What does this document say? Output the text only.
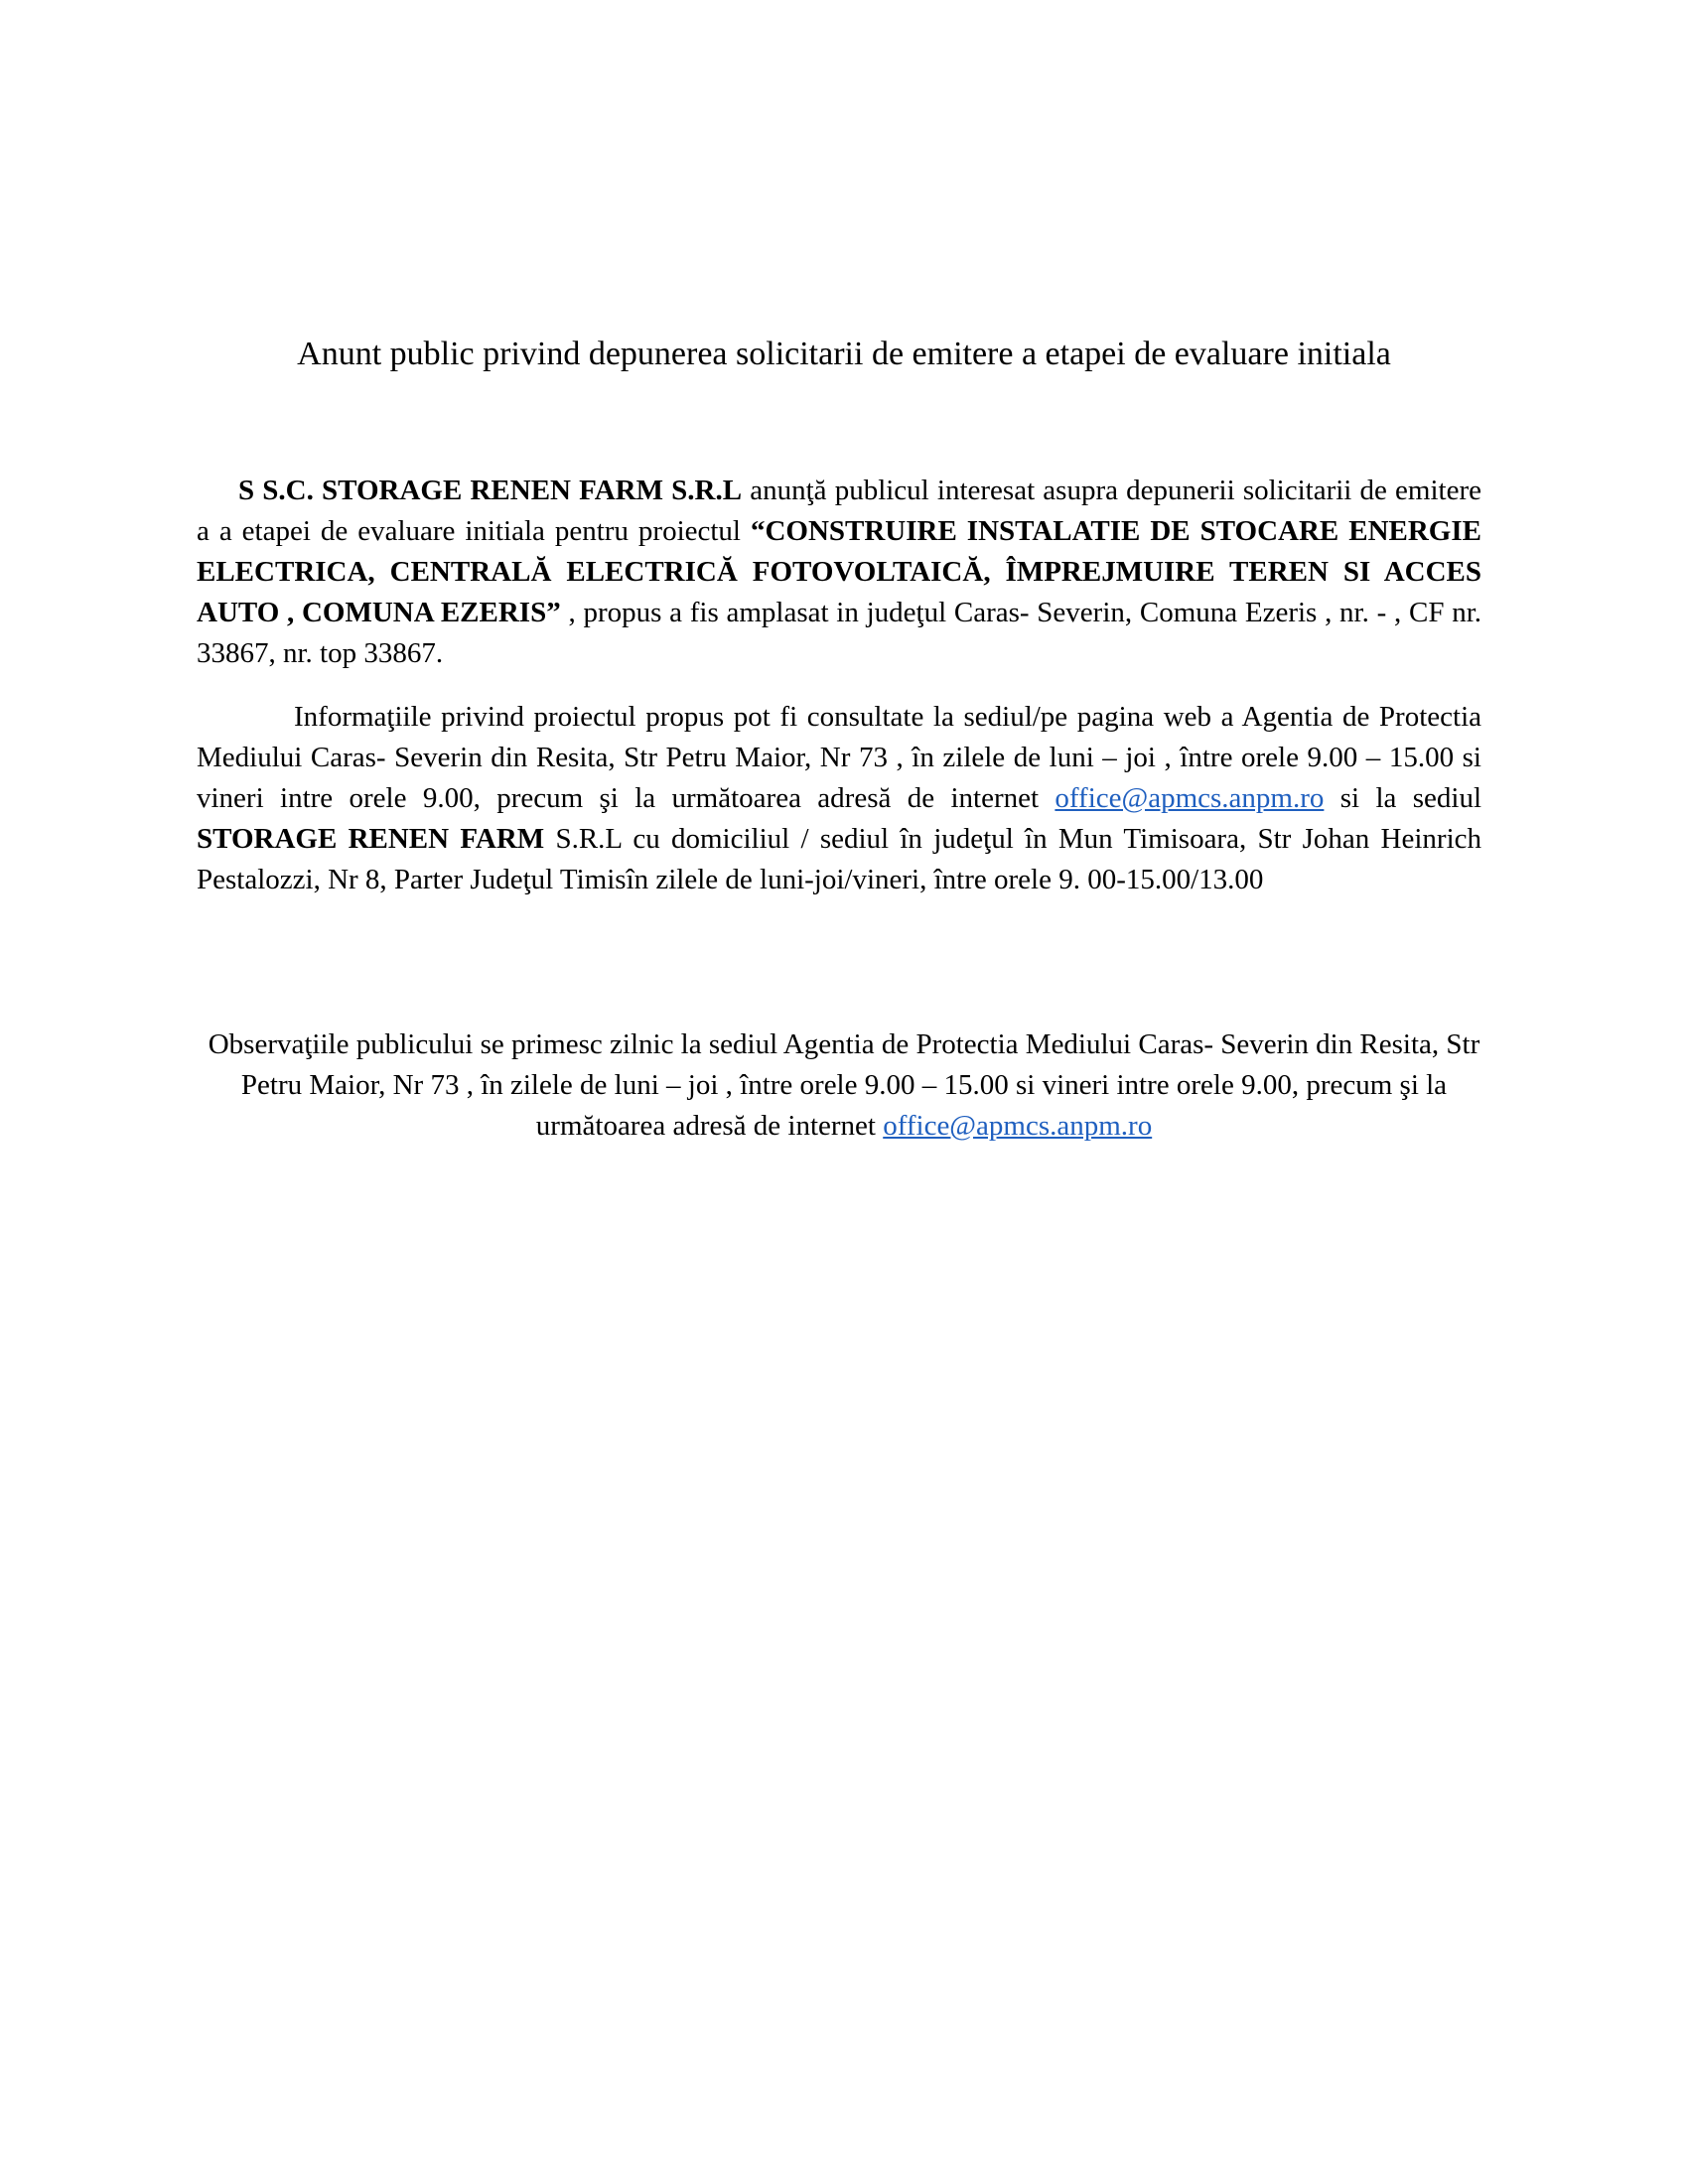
Anunt public privind depunerea solicitarii de emitere a etapei de evaluare initiala

S S.C. STORAGE RENEN FARM S.R.L anunţă publicul interesat asupra depunerii solicitarii de emitere a a etapei de evaluare initiala pentru proiectul “CONSTRUIRE INSTALATIE DE STOCARE ENERGIE ELECTRICA, CENTRALĂ ELECTRICĂ FOTOVOLTAICĂ, ÎMPREJMUIRE TEREN SI ACCES AUTO , COMUNA EZERIS” , propus a fis amplasat in judeţul Caras- Severin, Comuna Ezeris , nr. - , CF nr. 33867, nr. top 33867.

Informaţiile privind proiectul propus pot fi consultate la sediul/pe pagina web a Agentia de Protectia Mediului Caras- Severin din Resita, Str Petru Maior, Nr 73 , în zilele de luni – joi , între orele 9.00 – 15.00 si vineri intre orele 9.00, precum şi la următoarea adresă de internet office@apmcs.anpm.ro si la sediul STORAGE RENEN FARM S.R.L cu domiciliul / sediul în judeţul în Mun Timisoara, Str Johan Heinrich Pestalozzi, Nr 8, Parter Judeţul Timisîn zilele de luni-joi/vineri, între orele 9. 00-15.00/13.00

Observaţiile publicului se primesc zilnic la sediul Agentia de Protectia Mediului Caras- Severin din Resita, Str Petru Maior, Nr 73 , în zilele de luni – joi , între orele 9.00 – 15.00 si vineri intre orele 9.00, precum şi la următoarea adresă de internet office@apmcs.anpm.ro
